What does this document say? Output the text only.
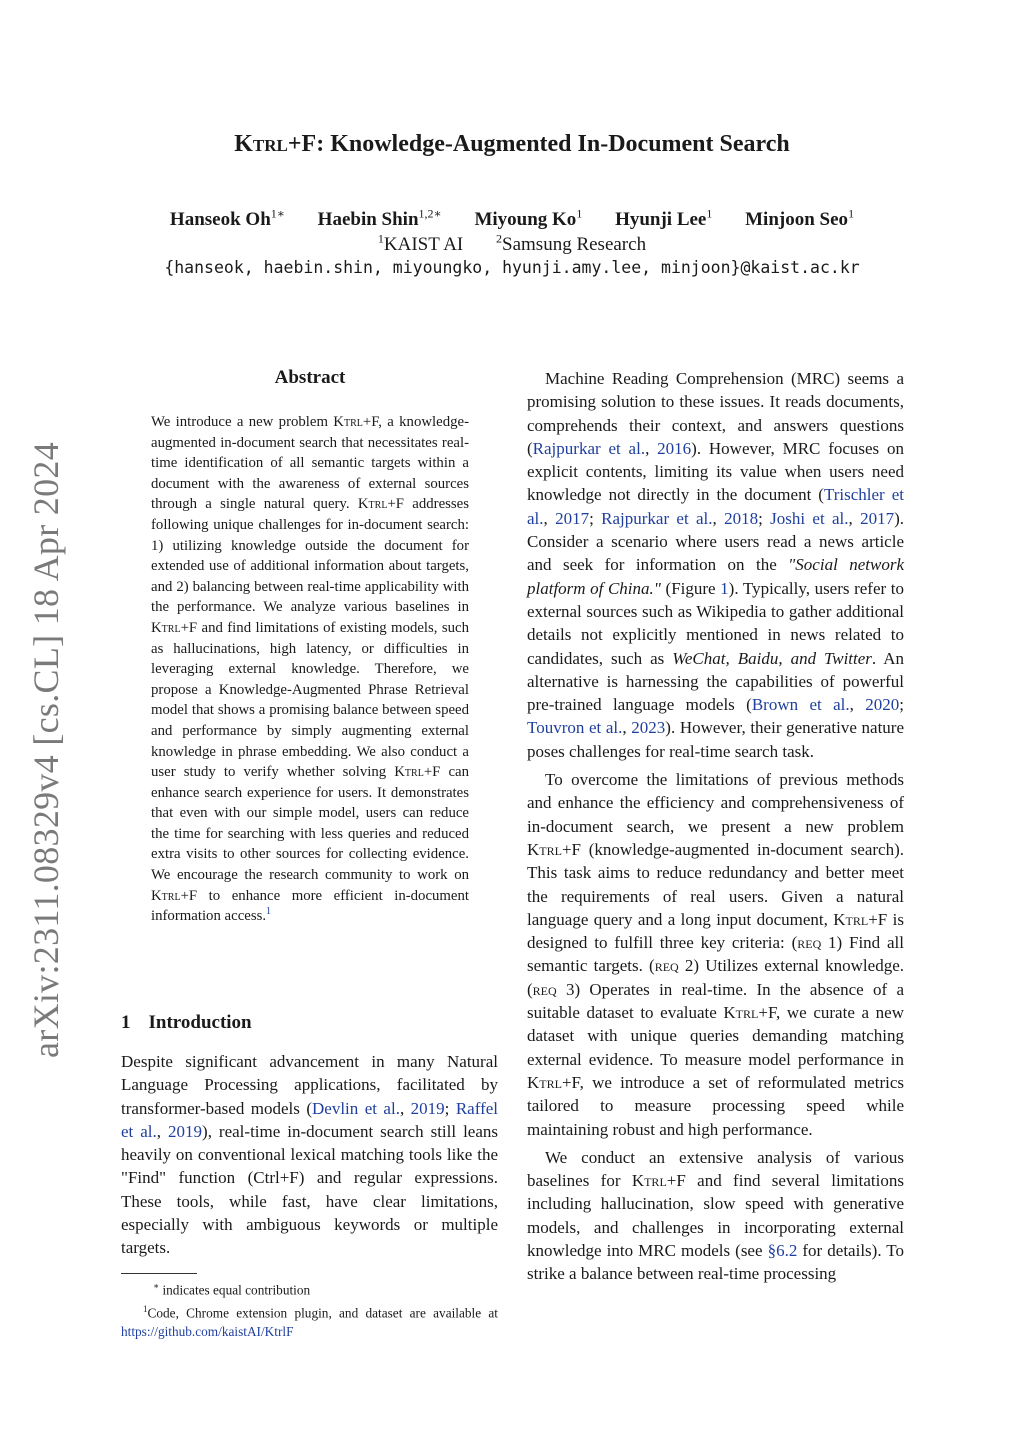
arXiv:2311.08329v4 [cs.CL] 18 Apr 2024
Ktrl+F: Knowledge-Augmented In-Document Search
Hanseok $Oh^{1∗}$ Haebin Shin$^{1,2∗}$ Miyoung Ko$^1$ Hyunji Lee$^1$ Minjoon Seo$^1$
$^1$KAIST AI	$^2$Samsung Research
{hanseok, haebin.shin, miyoungko, hyunji.amy.lee, minjoon}@kaist.ac.kr
Abstract

We introduce a new problem Ktrl+F, a knowledge-augmented in-document search that necessitates real-time identification of all semantic targets within a document with the awareness of external sources through a single natural query. Ktrl+F addresses following unique challenges for in-document search: 1) utilizing knowledge outside the document for extended use of additional information about targets, and 2) balancing between real-time applicability with the performance. We analyze various baselines in Ktrl+F and find limitations of existing models, such as hallucinations, high latency, or difficulties in leveraging external knowledge. Therefore, we propose a Knowledge-Augmented Phrase Retrieval model that shows a promising balance between speed and performance by simply augmenting external knowledge in phrase embedding. We also conduct a user study to verify whether solving Ktrl+F can enhance search experience for users. It demonstrates that even with our simple model, users can reduce the time for searching with less queries and reduced extra visits to other sources for collecting evidence. We encourage the research community to work on Ktrl+F to enhance more efficient in-document information access.$^1$

1 Introduction

Despite significant advancement in many Natural Language Processing applications, facilitated by transformer-based models (Devlin et al., 2019; Raffel et al., 2019), real-time in-document search still leans heavily on conventional lexical matching tools like the "Find" function (Ctrl+F) and regular expressions. These tools, while fast, have clear limitations, especially with ambiguous keywords or multiple targets.

∗ indicates equal contribution

$^1$Code, Chrome extension plugin, and dataset are available at https://github.com/kaistAI/KtrlF

Machine Reading Comprehension (MRC) seems a promising solution to these issues. It reads documents, comprehends their context, and answers questions (Rajpurkar et al., 2016). However, MRC focuses on explicit contents, limiting its value when users need knowledge not directly in the document (Trischler et al., 2017; Rajpurkar et al., 2018; Joshi et al., 2017). Consider a scenario where users read a news article and seek for information on the "Social network platform of China." (Figure 1). Typically, users refer to external sources such as Wikipedia to gather additional details not explicitly mentioned in news related to candidates, such as WeChat, Baidu, and Twitter. An alternative is harnessing the capabilities of powerful pre-trained language models (Brown et al., 2020; Touvron et al., 2023). However, their generative nature poses challenges for real-time search task.

To overcome the limitations of previous methods and enhance the efficiency and comprehensiveness of in-document search, we present a new problem Ktrl+F (knowledge-augmented in-document search). This task aims to reduce redundancy and better meet the requirements of real users. Given a natural language query and a long input document, Ktrl+F is designed to fulfill three key criteria: (req 1) Find all semantic targets. (req 2) Utilizes external knowledge. (req 3) Operates in real-time. In the absence of a suitable dataset to evaluate Ktrl+F, we curate a new dataset with unique queries demanding matching external evidence. To measure model performance in Ktrl+F, we introduce a set of reformulated metrics tailored to measure processing speed while maintaining robust and high performance.

We conduct an extensive analysis of various baselines for Ktrl+F and find several limitations including hallucination, slow speed with generative models, and challenges in incorporating external knowledge into MRC models (see §6.2 for details). To strike a balance between real-time processing
